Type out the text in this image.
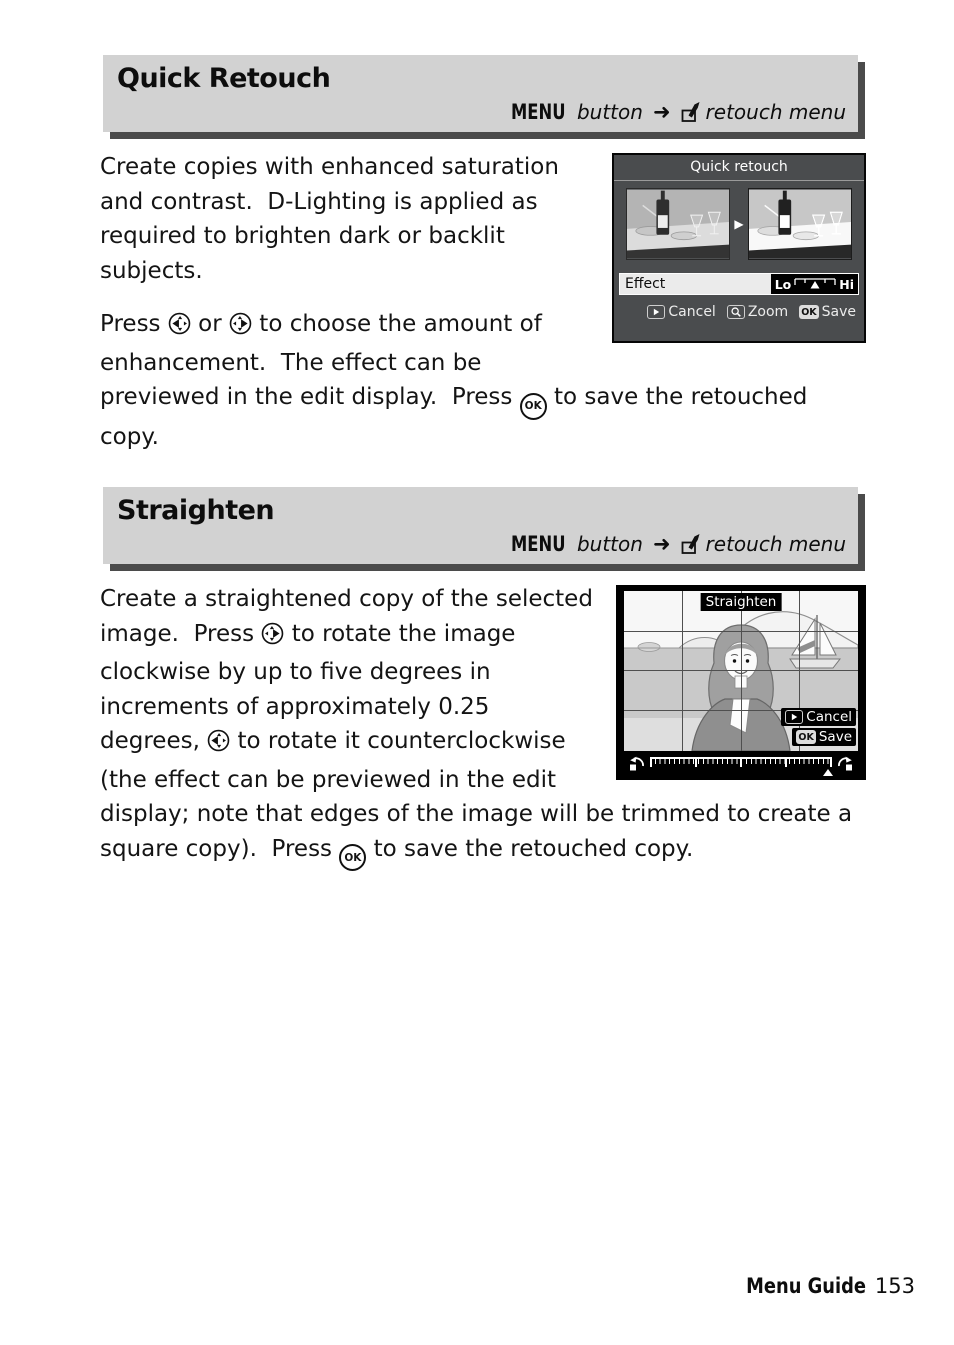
Quick Retouch
MENU button ➜ retouch menu
Quick retouch
▶
Effect	Lo	Hi
Cancel Zoom OK Save

Create copies with enhanced saturation and contrast.  D-Lighting is applied as required to brighten dark or backlit subjects.

Press  or  to choose the amount of enhancement.  The effect can be previewed in the edit display.  Press OK to save the retouched copy.

Straighten
MENU button ➜ retouch menu
Straighten
Cancel
OK Save

Create a straightened copy of the selected image.  Press  to rotate the image clockwise by up to five degrees in increments of approximately 0.25 degrees,  to rotate it counterclockwise (the effect can be previewed in the edit display; note that edges of the image will be trimmed to create a square copy).  Press OK to save the retouched copy.

Menu Guide 153
